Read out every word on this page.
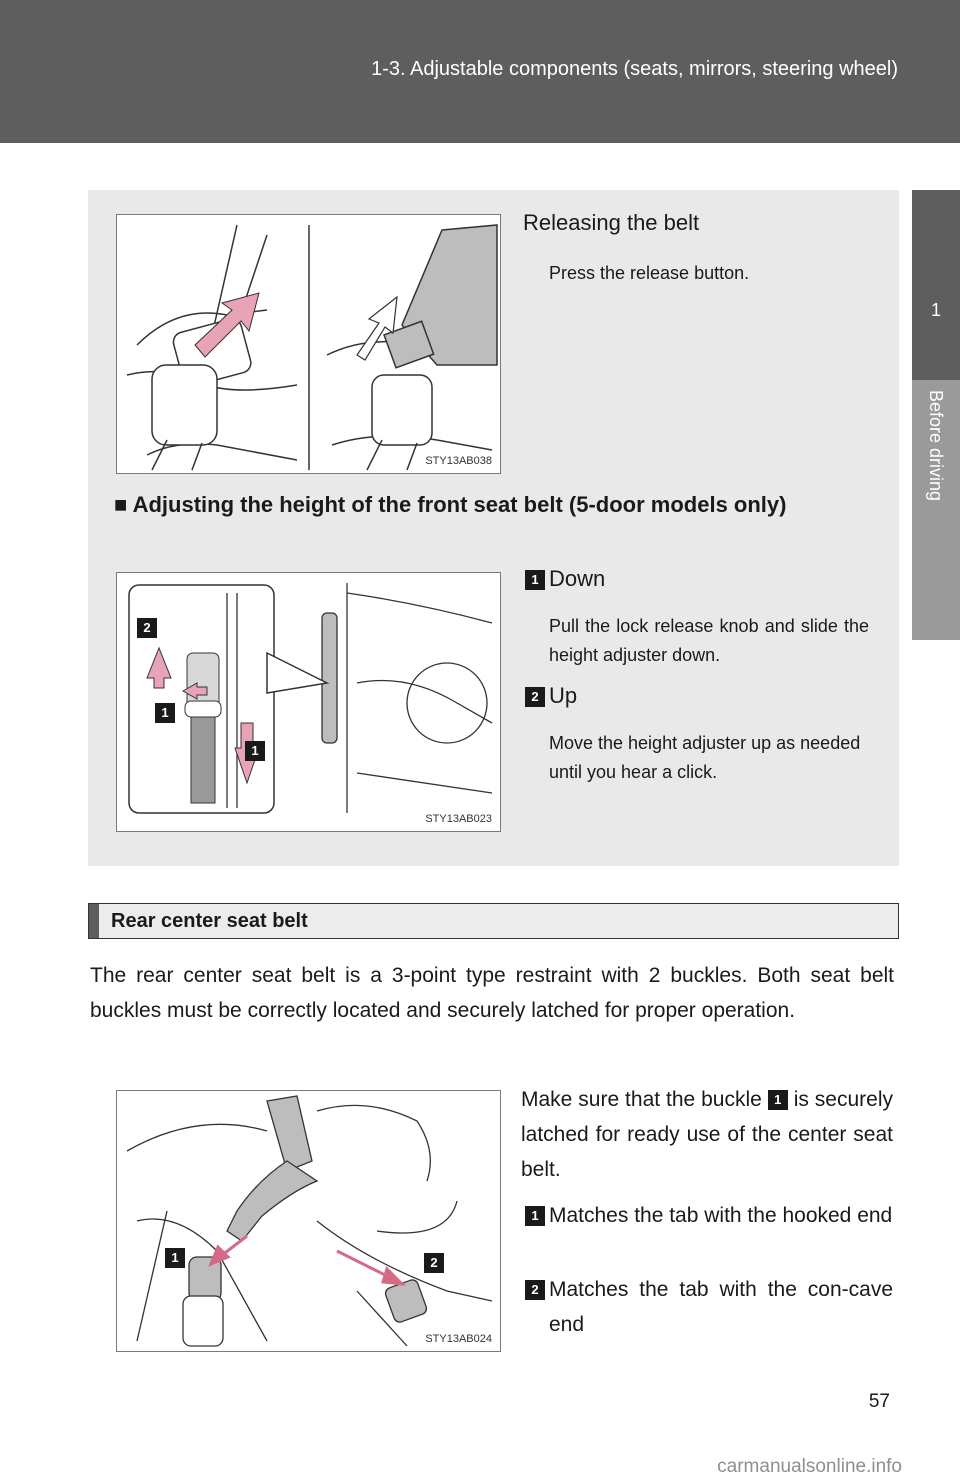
1-3. Adjustable components (seats, mirrors, steering wheel)
1
Before driving
STY13AB038
Releasing the belt
Press the release button.
■ Adjusting the height of the front seat belt (5-door models only)
2
1
1
STY13AB023
1 Down
Pull the lock release knob and slide the height adjuster down.
2 Up
Move the height adjuster up as needed until you hear a click.
Rear center seat belt
The rear center seat belt is a 3-point type restraint with 2 buckles. Both seat belt buckles must be correctly located and securely latched for proper operation.
2
1
STY13AB024
Make sure that the buckle 1 is securely latched for ready use of the center seat belt.
1 Matches the tab with the hooked end
2 Matches the tab with the con-cave end
57
carmanualsonline.info
